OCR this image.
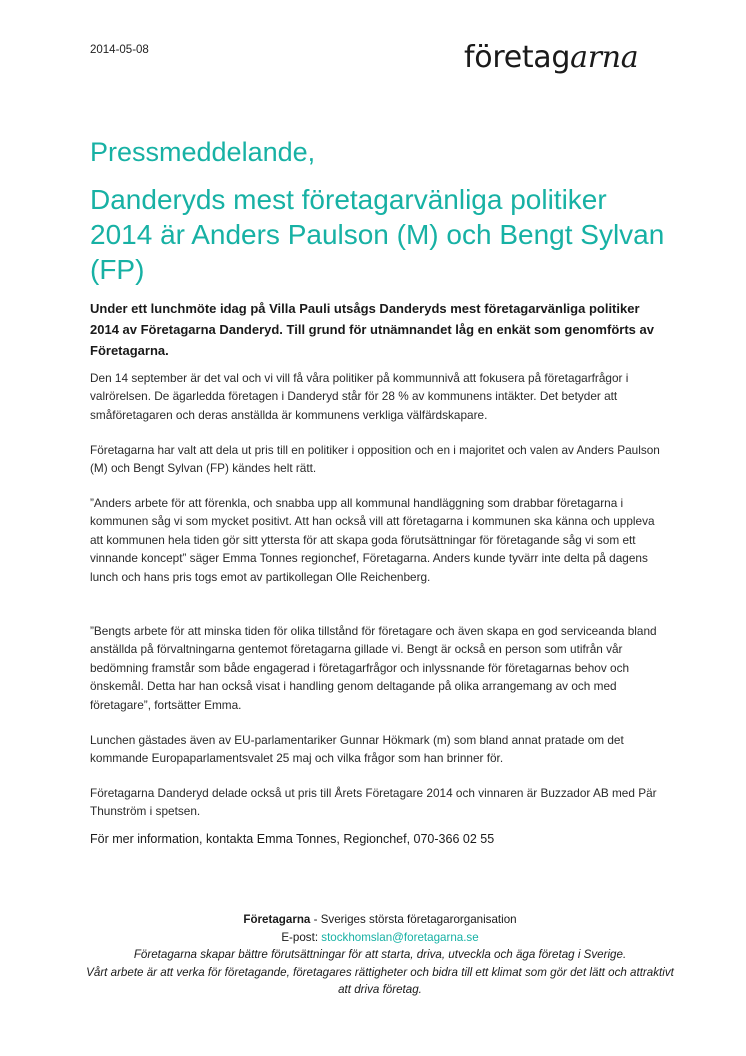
2014-05-08	företagarna
Pressmeddelande,
Danderyds mest företagarvänliga politiker 2014 är Anders Paulson (M) och Bengt Sylvan (FP)

Under ett lunchmöte idag på Villa Pauli utsågs Danderyds mest företagarvänliga politiker 2014 av Företagarna Danderyd. Till grund för utnämnandet låg en enkät som genomförts av Företagarna.

Den 14 september är det val och vi vill få våra politiker på kommunnivå att fokusera på företagarfrågor i valrörelsen. De ägarledda företagen i Danderyd står för 28 % av kommunens intäkter. Det betyder att småföretagaren och deras anställda är kommunens verkliga välfärdskapare.

Företagarna har valt att dela ut pris till en politiker i opposition och en i majoritet och valen av Anders Paulson (M) och Bengt Sylvan (FP) kändes helt rätt.

”Anders arbete för att förenkla, och snabba upp all kommunal handläggning som drabbar företagarna i kommunen såg vi som mycket positivt. Att han också vill att företagarna i kommunen ska känna och uppleva att kommunen hela tiden gör sitt yttersta för att skapa goda förutsättningar för företagande såg vi som ett vinnande koncept” säger Emma Tonnes regionchef, Företagarna. Anders kunde tyvärr inte delta på dagens lunch och hans pris togs emot av partikollegan Olle Reichenberg.

”Bengts arbete för att minska tiden för olika tillstånd för företagare och även skapa en god serviceanda bland anställda på förvaltningarna gentemot företagarna gillade vi. Bengt är också en person som utifrån vår bedömning framstår som både engagerad i företagarfrågor och inlyssnande för företagarnas behov och önskemål. Detta har han också visat i handling genom deltagande på olika arrangemang av och med företagare”, fortsätter Emma.

Lunchen gästades även av EU-parlamentariker Gunnar Hökmark (m) som bland annat pratade om det kommande Europaparlamentsvalet 25 maj och vilka frågor som han brinner för.

Företagarna Danderyd delade också ut pris till Årets Företagare 2014 och vinnaren är Buzzador AB med Pär Thunström i spetsen.

För mer information, kontakta Emma Tonnes, Regionchef, 070-366 02 55
Företagarna - Sveriges största företagarorganisation
E-post: stockhomslan@foretagarna.se
Företagarna skapar bättre förutsättningar för att starta, driva, utveckla och äga företag i Sverige.
Vårt arbete är att verka för företagande, företagares rättigheter och bidra till ett klimat som gör det lätt och attraktivt att driva företag.
